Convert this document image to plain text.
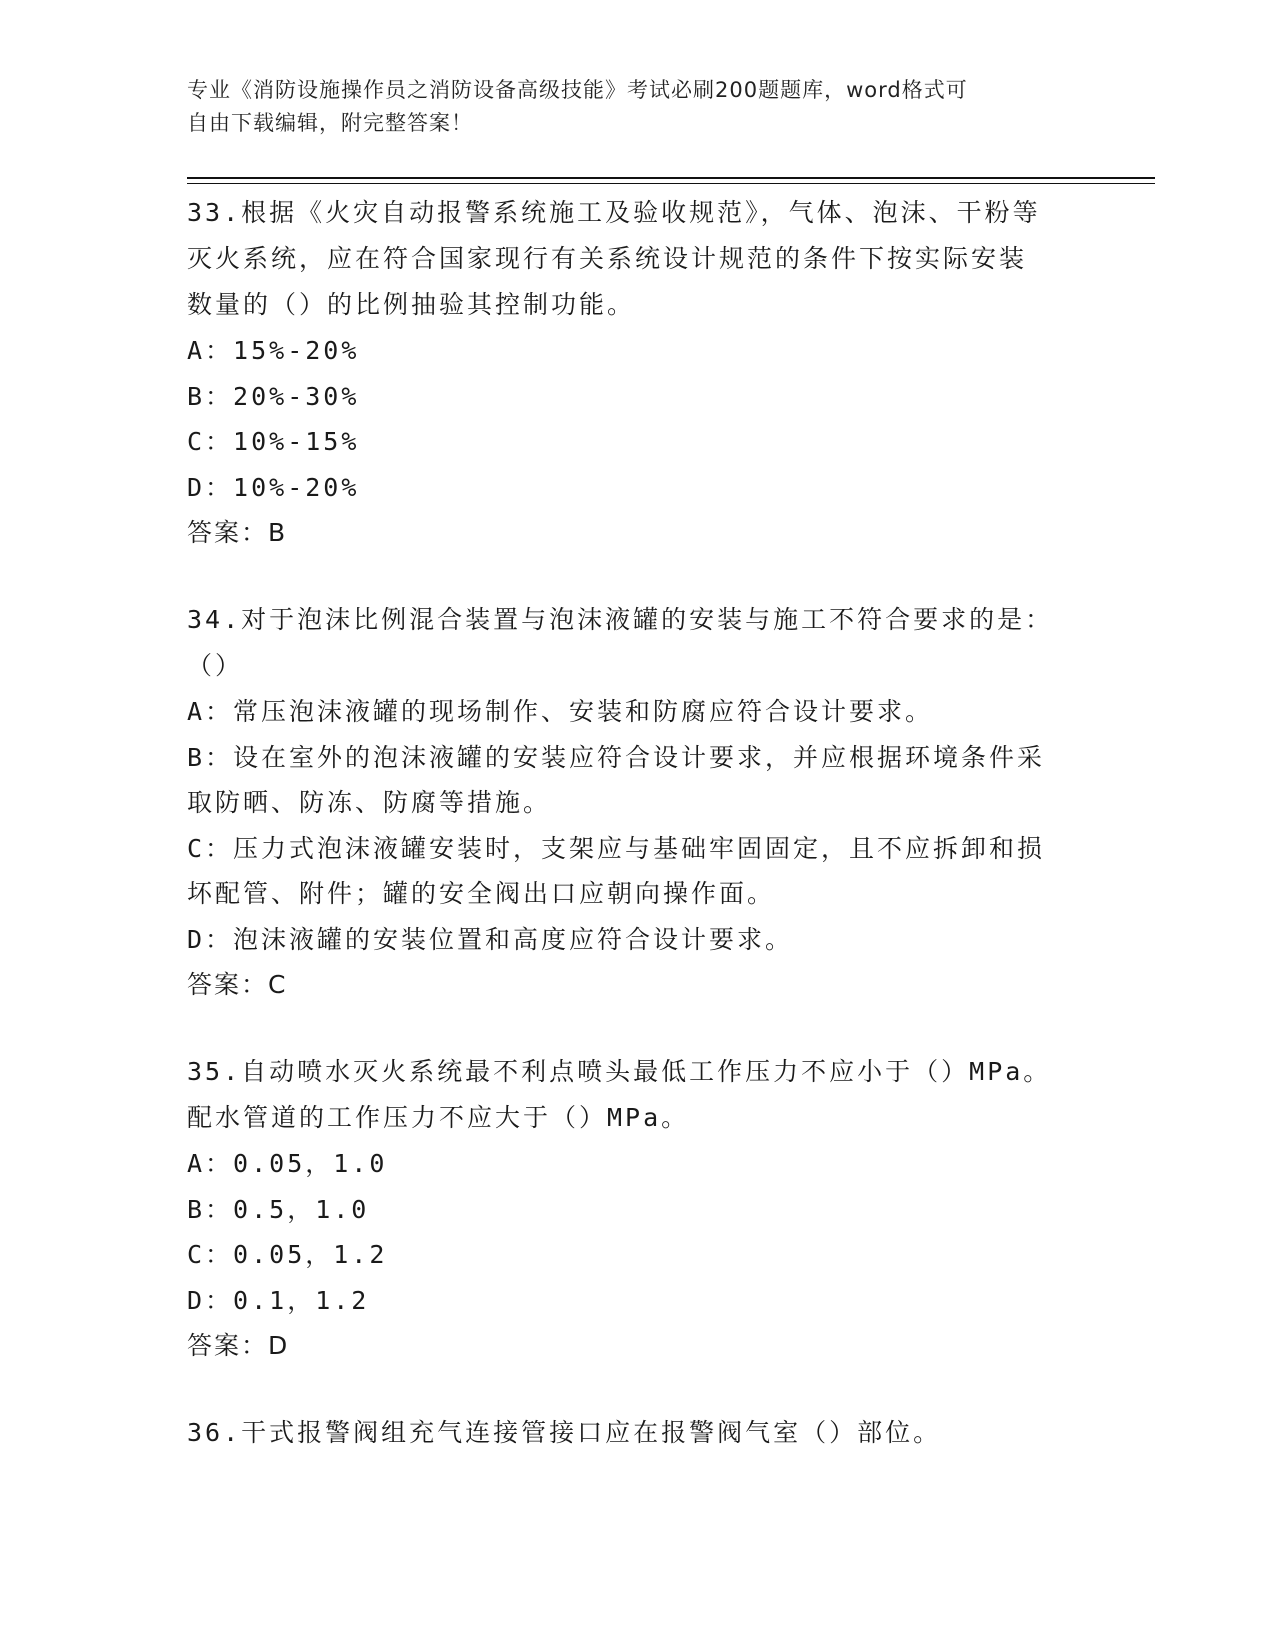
专业《消防设施操作员之消防设备高级技能》考试必刷200题题库，word格式可
自由下载编辑，附完整答案！
33.根据《火灾自动报警系统施工及验收规范》，气体、泡沫、干粉等
灭火系统，应在符合国家现行有关系统设计规范的条件下按实际安装
数量的（）的比例抽验其控制功能。
A：15%-20%
B：20%-30%
C：10%-15%
D：10%-20%
答案：B
34.对于泡沫比例混合装置与泡沫液罐的安装与施工不符合要求的是：
（）
A：常压泡沫液罐的现场制作、安装和防腐应符合设计要求。
B：设在室外的泡沫液罐的安装应符合设计要求，并应根据环境条件采
取防晒、防冻、防腐等措施。
C：压力式泡沫液罐安装时，支架应与基础牢固固定，且不应拆卸和损
坏配管、附件；罐的安全阀出口应朝向操作面。
D：泡沫液罐的安装位置和高度应符合设计要求。
答案：C
35.自动喷水灭火系统最不利点喷头最低工作压力不应小于（）MPa。
配水管道的工作压力不应大于（）MPa。
A：0.05，1.0
B：0.5，1.0
C：0.05，1.2
D：0.1，1.2
答案：D
36.干式报警阀组充气连接管接口应在报警阀气室（）部位。
